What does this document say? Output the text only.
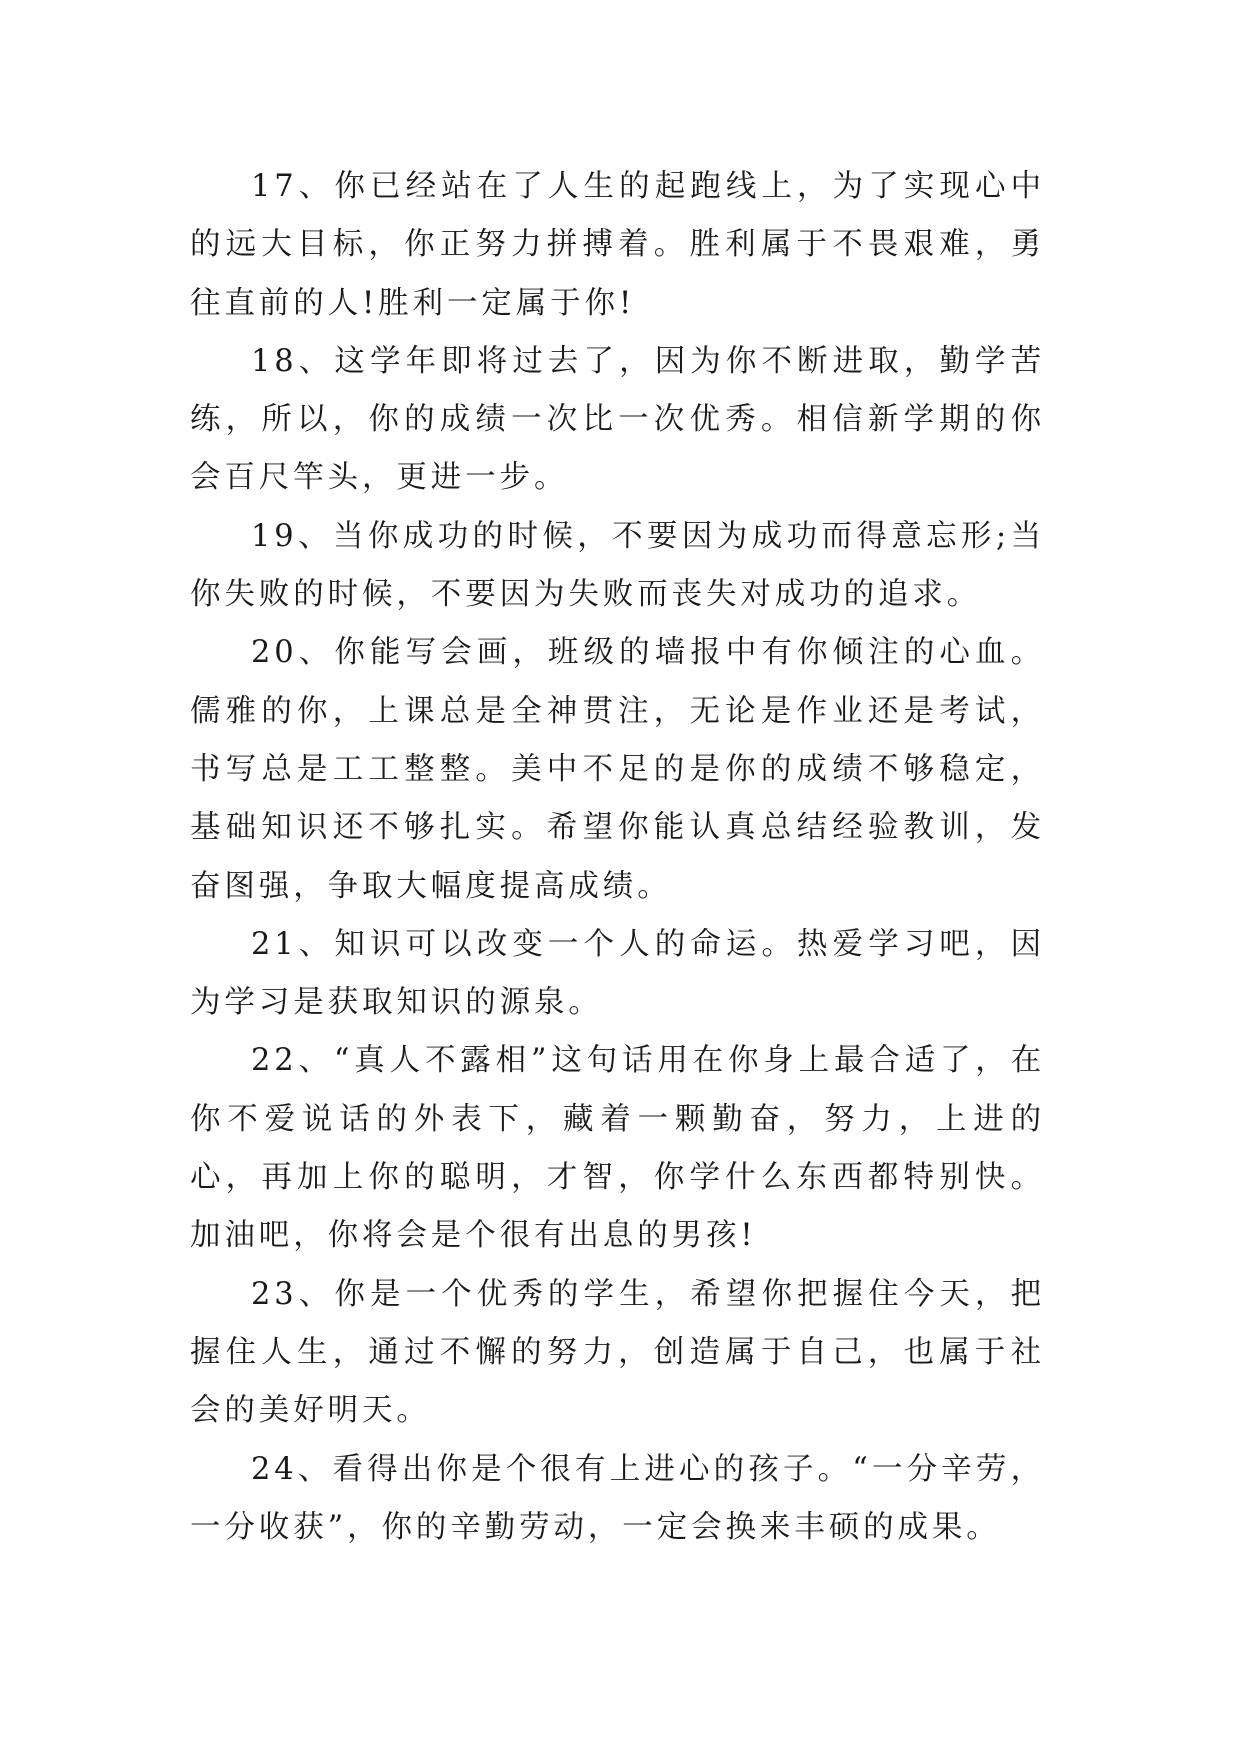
17、你已经站在了人生的起跑线上，为了实现心中的远大目标，你正努力拼搏着。胜利属于不畏艰难，勇往直前的人!胜利一定属于你!

18、这学年即将过去了，因为你不断进取，勤学苦练，所以，你的成绩一次比一次优秀。相信新学期的你会百尺竿头，更进一步。

19、当你成功的时候，不要因为成功而得意忘形;当你失败的时候，不要因为失败而丧失对成功的追求。

20、你能写会画，班级的墙报中有你倾注的心血。儒雅的你，上课总是全神贯注，无论是作业还是考试，书写总是工工整整。美中不足的是你的成绩不够稳定，基础知识还不够扎实。希望你能认真总结经验教训，发奋图强，争取大幅度提高成绩。

21、知识可以改变一个人的命运。热爱学习吧，因为学习是获取知识的源泉。

22、“真人不露相”这句话用在你身上最合适了，在你不爱说话的外表下，藏着一颗勤奋，努力，上进的心，再加上你的聪明，才智，你学什么东西都特别快。加油吧，你将会是个很有出息的男孩!

23、你是一个优秀的学生，希望你把握住今天，把握住人生，通过不懈的努力，创造属于自己，也属于社会的美好明天。

24、看得出你是个很有上进心的孩子。“一分辛劳，一分收获”，你的辛勤劳动，一定会换来丰硕的成果。
